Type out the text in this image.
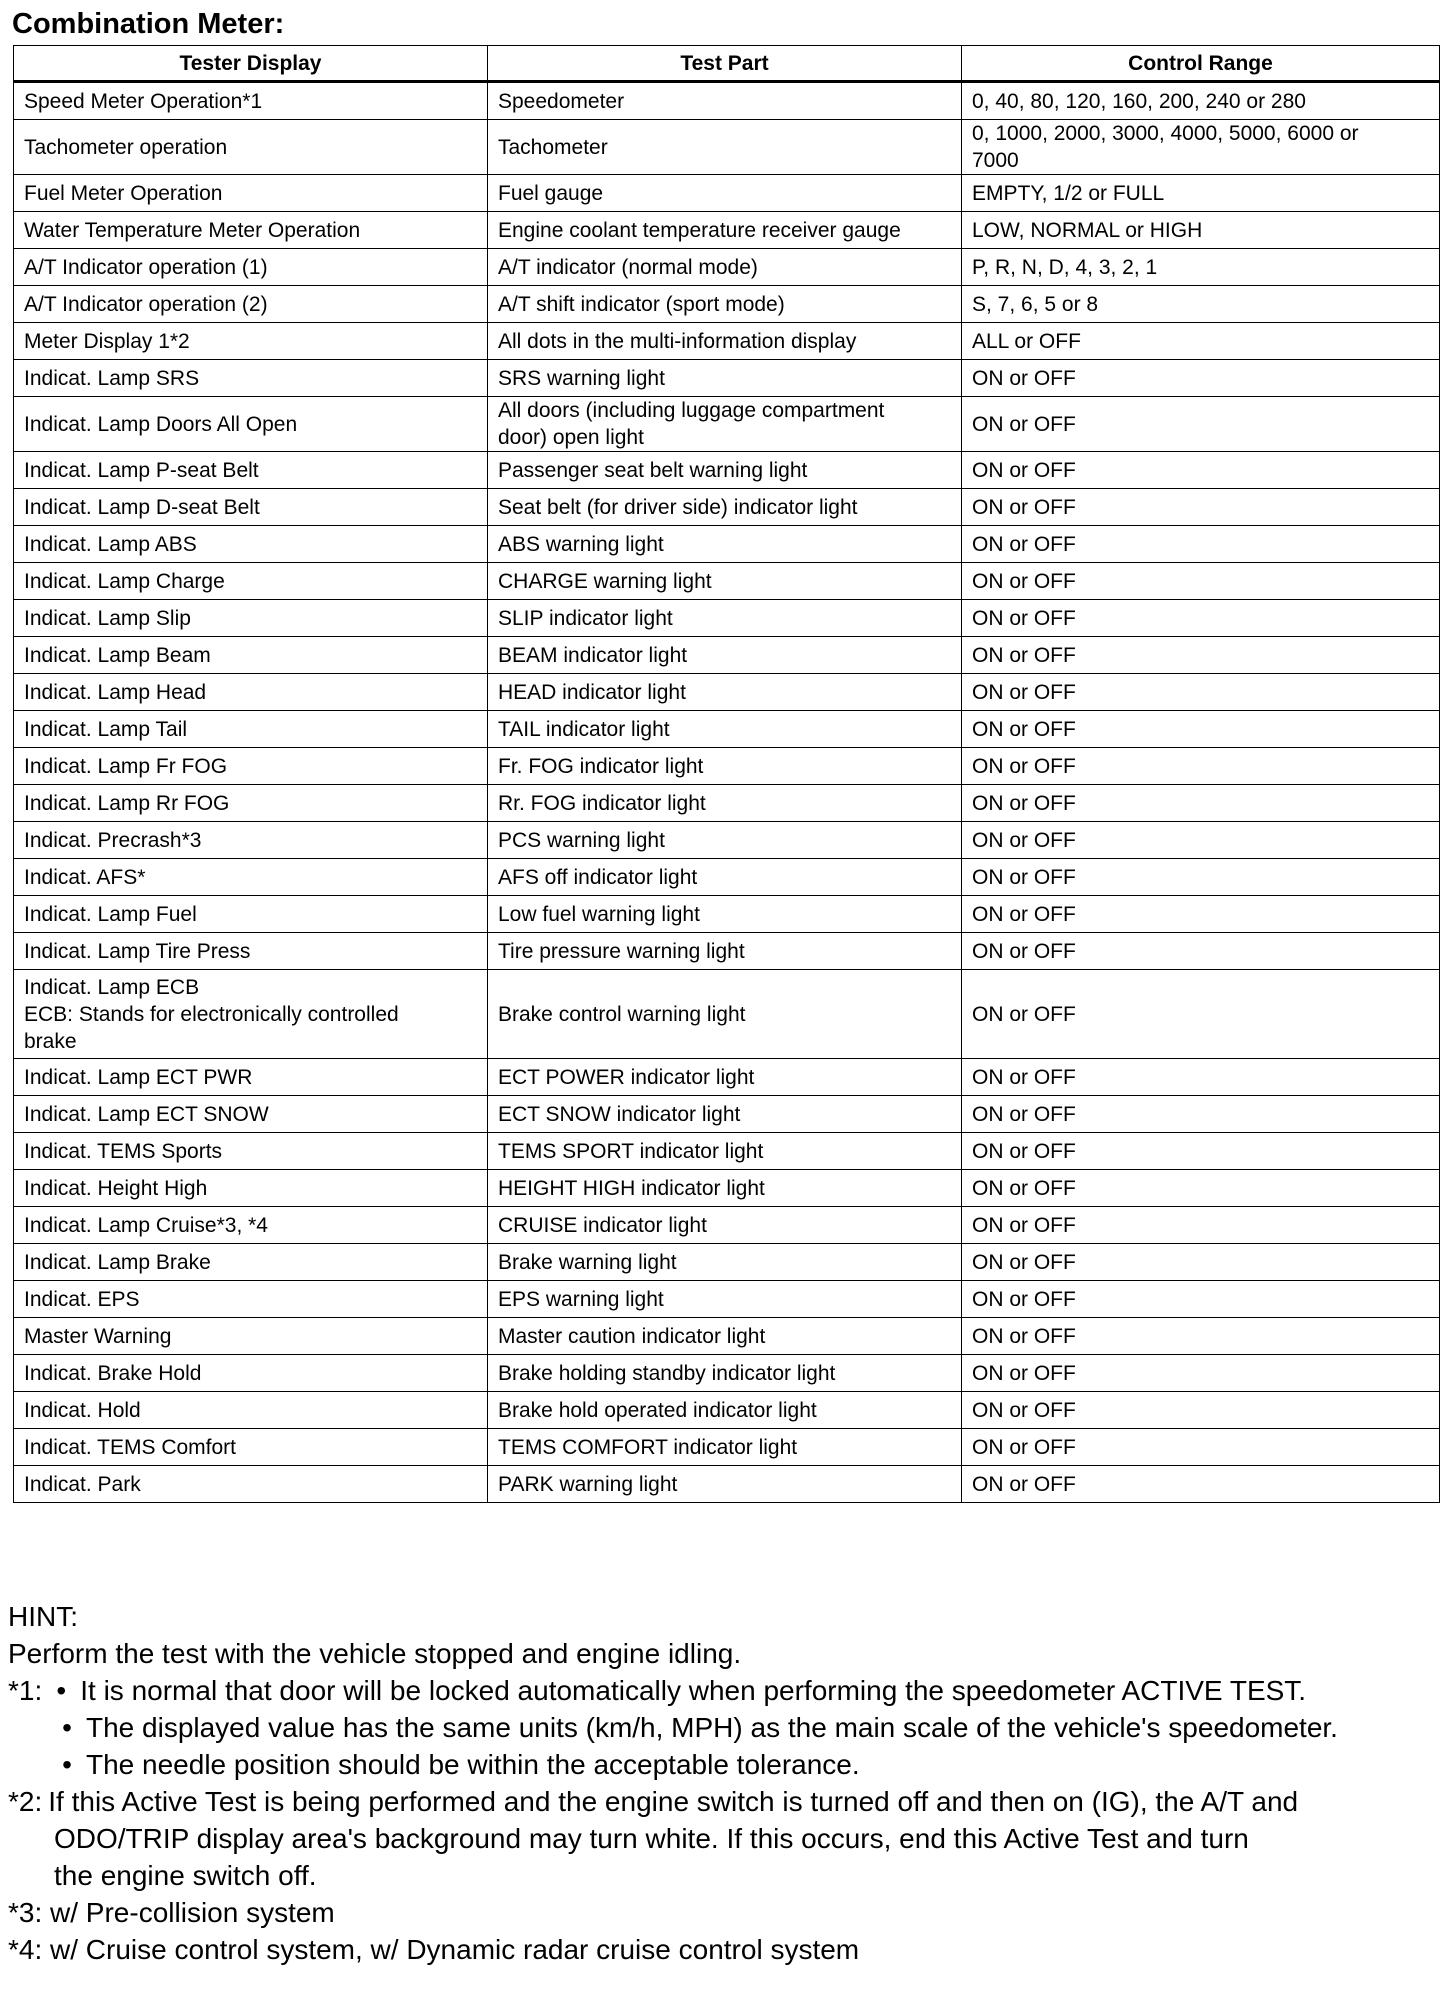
Combination Meter:
Tester Display	Test Part	Control Range

Speed Meter Operation*1	Speedometer	0, 40, 80, 120, 160, 200, 240 or 280

Tachometer operation	Tachometer	0, 1000, 2000, 3000, 4000, 5000, 6000 or
7000

Fuel Meter Operation	Fuel gauge	EMPTY, 1/2 or FULL

Water Temperature Meter Operation	Engine coolant temperature receiver gauge	LOW, NORMAL or HIGH

A/T Indicator operation (1)	A/T indicator (normal mode)	P, R, N, D, 4, 3, 2, 1

A/T Indicator operation (2)	A/T shift indicator (sport mode)	S, 7, 6, 5 or 8

Meter Display 1*2	All dots in the multi-information display	ALL or OFF

Indicat. Lamp SRS	SRS warning light	ON or OFF

Indicat. Lamp Doors All Open	All doors (including luggage compartment
door) open light	ON or OFF

Indicat. Lamp P-seat Belt	Passenger seat belt warning light	ON or OFF

Indicat. Lamp D-seat Belt	Seat belt (for driver side) indicator light	ON or OFF

Indicat. Lamp ABS	ABS warning light	ON or OFF

Indicat. Lamp Charge	CHARGE warning light	ON or OFF

Indicat. Lamp Slip	SLIP indicator light	ON or OFF

Indicat. Lamp Beam	BEAM indicator light	ON or OFF

Indicat. Lamp Head	HEAD indicator light	ON or OFF

Indicat. Lamp Tail	TAIL indicator light	ON or OFF

Indicat. Lamp Fr FOG	Fr. FOG indicator light	ON or OFF

Indicat. Lamp Rr FOG	Rr. FOG indicator light	ON or OFF

Indicat. Precrash*3	PCS warning light	ON or OFF

Indicat. AFS*	AFS off indicator light	ON or OFF

Indicat. Lamp Fuel	Low fuel warning light	ON or OFF

Indicat. Lamp Tire Press	Tire pressure warning light	ON or OFF

Indicat. Lamp ECB
ECB: Stands for electronically controlled
brake	Brake control warning light	ON or OFF

Indicat. Lamp ECT PWR	ECT POWER indicator light	ON or OFF

Indicat. Lamp ECT SNOW	ECT SNOW indicator light	ON or OFF

Indicat. TEMS Sports	TEMS SPORT indicator light	ON or OFF

Indicat. Height High	HEIGHT HIGH indicator light	ON or OFF

Indicat. Lamp Cruise*3, *4	CRUISE indicator light	ON or OFF

Indicat. Lamp Brake	Brake warning light	ON or OFF

Indicat. EPS	EPS warning light	ON or OFF

Master Warning	Master caution indicator light	ON or OFF

Indicat. Brake Hold	Brake holding standby indicator light	ON or OFF

Indicat. Hold	Brake hold operated indicator light	ON or OFF

Indicat. TEMS Comfort	TEMS COMFORT indicator light	ON or OFF

Indicat. Park	PARK warning light	ON or OFF
HINT:
Perform the test with the vehicle stopped and engine idling.
*1: • It is normal that door will be locked automatically when performing the speedometer ACTIVE TEST.
• The displayed value has the same units (km/h, MPH) as the main scale of the vehicle's speedometer.
• The needle position should be within the acceptable tolerance.
*2: If this Active Test is being performed and the engine switch is turned off and then on (IG), the A/T and
ODO/TRIP display area's background may turn white. If this occurs, end this Active Test and turn
the engine switch off.
*3: w/ Pre-collision system
*4: w/ Cruise control system, w/ Dynamic radar cruise control system
